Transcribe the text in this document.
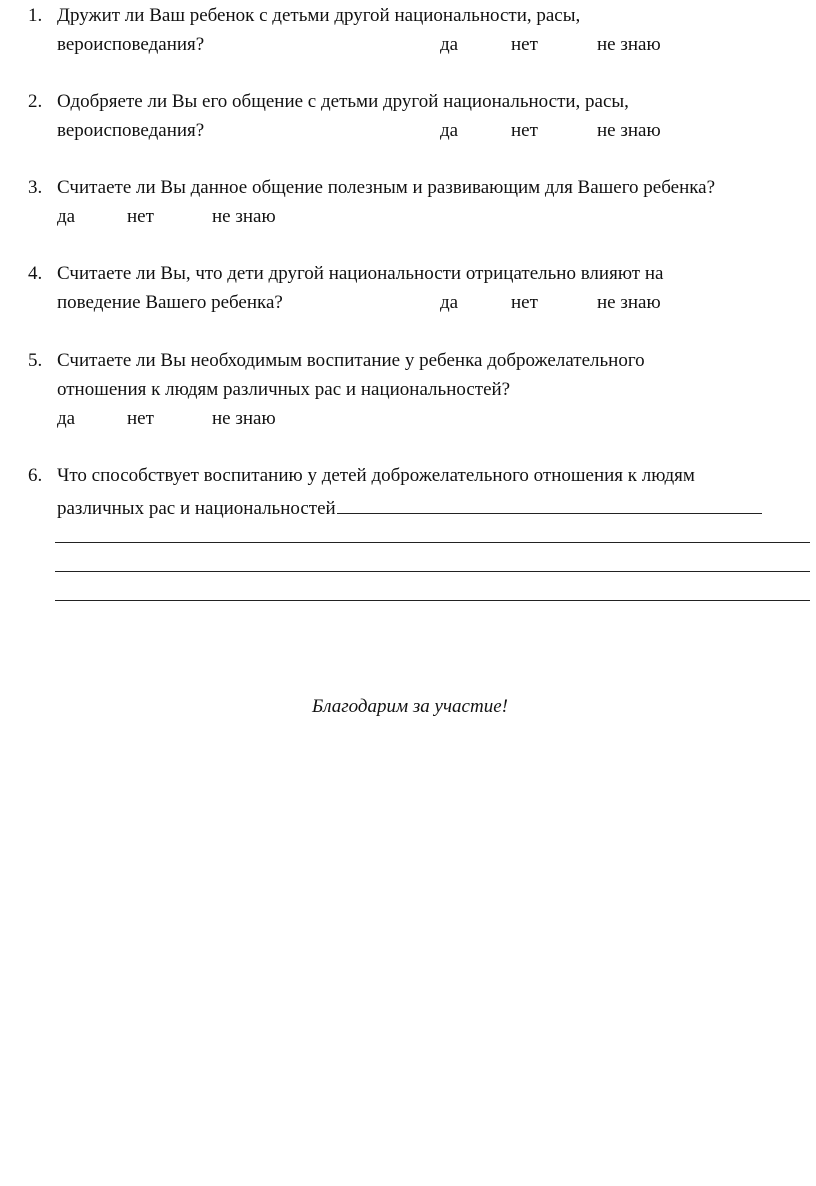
1. Дружит ли Ваш ребенок с детьми другой национальности, расы,
вероисповедания?	да	нет	не знаю
2. Одобряете ли Вы его общение с детьми другой национальности, расы,
вероисповедания?	да	нет	не знаю
3. Считаете ли Вы данное общение полезным и развивающим для Вашего ребенка?
да	нет	не знаю
4. Считаете ли Вы, что дети другой национальности отрицательно влияют на
поведение Вашего ребенка?	да	нет	не знаю
5. Считаете ли Вы необходимым воспитание у ребенка доброжелательного
отношения к людям различных рас и национальностей?
да	нет	не знаю
6. Что способствует воспитанию у детей доброжелательного отношения к людям
различных рас и национальностей
Благодарим за участие!
